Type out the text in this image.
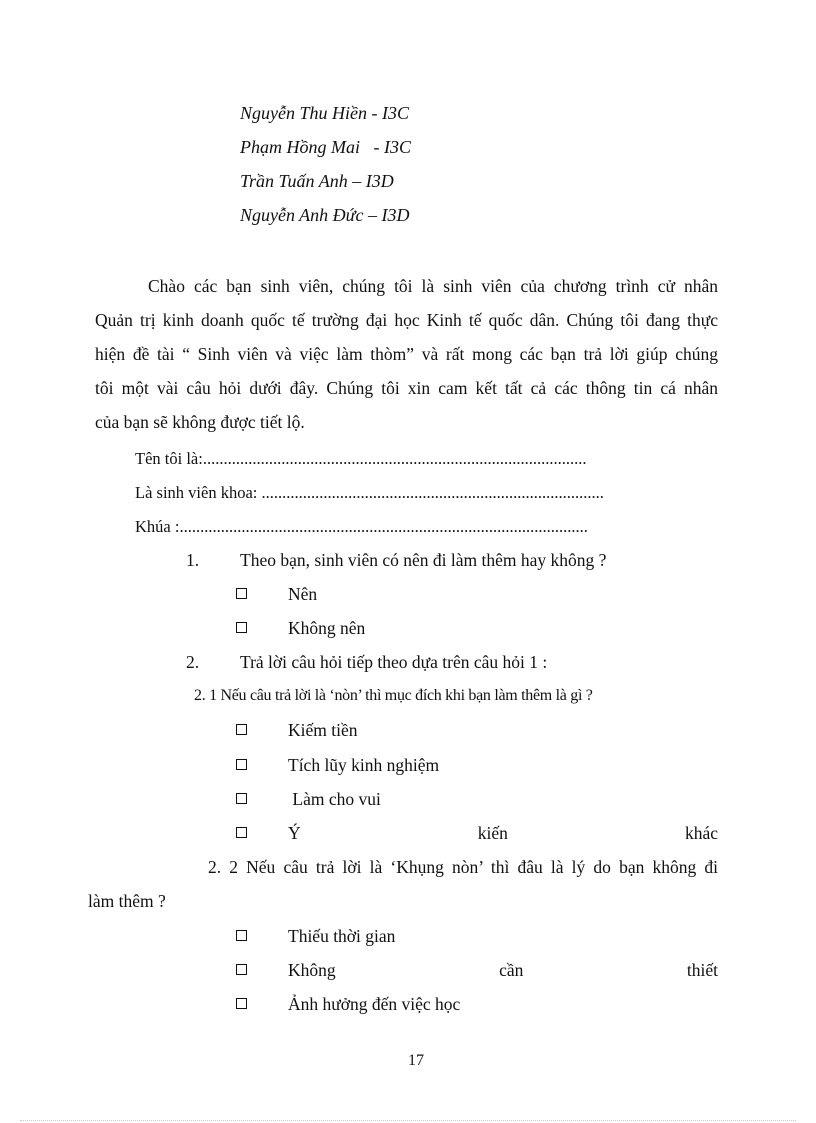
Nguyễn Thu Hiền - I3C
Phạm Hồng Mai   - I3C
Trần Tuấn Anh – I3D
Nguyễn Anh Đức – I3D
Chào các bạn sinh viên, chúng tôi là sinh viên của chương trình cử nhân
Quản trị kinh doanh quốc tế trường đại học Kinh tế quốc dân. Chúng tôi đang thực
hiện đề tài “ Sinh viên và việc làm thòm” và rất mong các bạn trả lời giúp chúng
tôi một vài câu hỏi dưới đây. Chúng tôi xin cam kết tất cả các thông tin cá nhân
của bạn sẽ không được tiết lộ.
Tên tôi là:.............................................................................................
Là sinh viên khoa: ...................................................................................
Khúa :...................................................................................................
1. Theo bạn, sinh viên có nên đi làm thêm hay không ?
Nên
Không nên
2. Trả lời câu hỏi tiếp theo dựa trên câu hỏi 1 :
2. 1 Nếu câu trả lời là ‘nòn’ thì mục đích khi bạn làm thêm là gì ?
Kiếm tiền
Tích lũy kinh nghiệm
Làm cho vui
Ý	kiến	khác
2. 2 Nếu câu trả lời là ‘Khụng nòn’ thì đâu là lý do bạn không đi
làm thêm ?
Thiếu thời gian
Không	cần	thiết
Ảnh hưởng đến việc học
17
